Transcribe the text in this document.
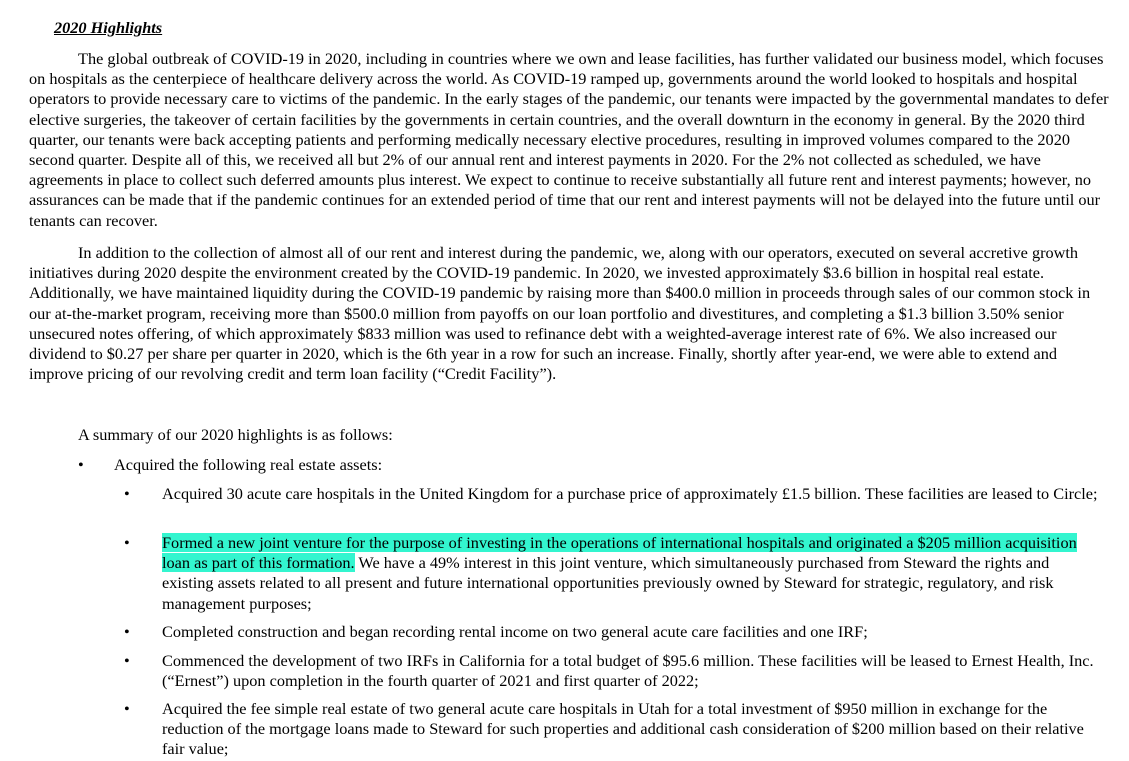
2020 Highlights

The global outbreak of COVID-19 in 2020, including in countries where we own and lease facilities, has further validated our business model, which focuses on hospitals as the centerpiece of healthcare delivery across the world. As COVID-19 ramped up, governments around the world looked to hospitals and hospital operators to provide necessary care to victims of the pandemic. In the early stages of the pandemic, our tenants were impacted by the governmental mandates to defer elective surgeries, the takeover of certain facilities by the governments in certain countries, and the overall downturn in the economy in general. By the 2020 third quarter, our tenants were back accepting patients and performing medically necessary elective procedures, resulting in improved volumes compared to the 2020 second quarter. Despite all of this, we received all but 2% of our annual rent and interest payments in 2020. For the 2% not collected as scheduled, we have agreements in place to collect such deferred amounts plus interest. We expect to continue to receive substantially all future rent and interest payments; however, no assurances can be made that if the pandemic continues for an extended period of time that our rent and interest payments will not be delayed into the future until our tenants can recover.

In addition to the collection of almost all of our rent and interest during the pandemic, we, along with our operators, executed on several accretive growth initiatives during 2020 despite the environment created by the COVID-19 pandemic. In 2020, we invested approximately $3.6 billion in hospital real estate. Additionally, we have maintained liquidity during the COVID-19 pandemic by raising more than $400.0 million in proceeds through sales of our common stock in our at-the-market program, receiving more than $500.0 million from payoffs on our loan portfolio and divestitures, and completing a $1.3 billion 3.50% senior unsecured notes offering, of which approximately $833 million was used to refinance debt with a weighted-average interest rate of 6%. We also increased our dividend to $0.27 per share per quarter in 2020, which is the 6th year in a row for such an increase. Finally, shortly after year-end, we were able to extend and improve pricing of our revolving credit and term loan facility (“Credit Facility”).

A summary of our 2020 highlights is as follows:

• Acquired the following real estate assets:
• Acquired 30 acute care hospitals in the United Kingdom for a purchase price of approximately £1.5 billion. These facilities are leased to Circle;
• Formed a new joint venture for the purpose of investing in the operations of international hospitals and originated a $205 million acquisition loan as part of this formation. We have a 49% interest in this joint venture, which simultaneously purchased from Steward the rights and existing assets related to all present and future international opportunities previously owned by Steward for strategic, regulatory, and risk management purposes;
• Completed construction and began recording rental income on two general acute care facilities and one IRF;
• Commenced the development of two IRFs in California for a total budget of $95.6 million. These facilities will be leased to Ernest Health, Inc. (“Ernest”) upon completion in the fourth quarter of 2021 and first quarter of 2022;
• Acquired the fee simple real estate of two general acute care hospitals in Utah for a total investment of $950 million in exchange for the reduction of the mortgage loans made to Steward for such properties and additional cash consideration of $200 million based on their relative fair value;
